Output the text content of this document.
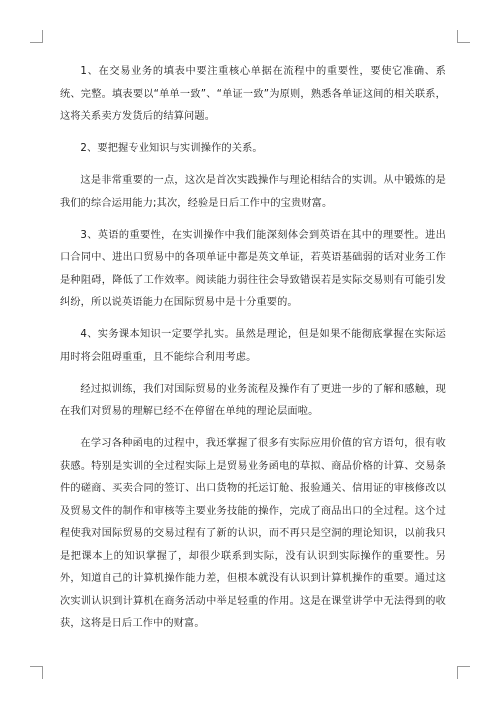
1、在交易业务的填表中要注重核心单据在流程中的重要性，要使它准确、系统、完整。填表要以“单单一致”、“单证一致”为原则，熟悉各单证这间的相关联系，这将关系卖方发货后的结算问题。

2、要把握专业知识与实训操作的关系。

这是非常重要的一点，这次是首次实践操作与理论相结合的实训。从中锻炼的是我们的综合运用能力;其次，经验是日后工作中的宝贵财富。

3、英语的重要性，在实训操作中我们能深刻体会到英语在其中的理要性。进出口合同中、进出口贸易中的各项单证中都是英文单证，若英语基础弱的话对业务工作是种阻碍，降低了工作效率。阅读能力弱往往会导致错误若是实际交易则有可能引发纠纷，所以说英语能力在国际贸易中是十分重要的。

4、实务课本知识一定要学扎实。虽然是理论，但是如果不能彻底掌握在实际运用时将会阻碍重重，且不能综合利用考虑。

经过拟训练，我们对国际贸易的业务流程及操作有了更进一步的了解和感触，现在我们对贸易的理解已经不在停留在单纯的理论层面啦。

在学习各种函电的过程中，我还掌握了很多有实际应用价值的官方语句，很有收获感。特别是实训的全过程实际上是贸易业务函电的草拟、商品价格的计算、交易条件的磋商、买卖合同的签订、出口货物的托运订舱、报验通关、信用证的审核修改以及贸易文件的制作和审核等主要业务技能的操作，完成了商品出口的全过程。这个过程使我对国际贸易的交易过程有了新的认识，而不再只是空洞的理论知识，以前我只是把课本上的知识掌握了，却很少联系到实际，没有认识到实际操作的重要性。另外，知道自己的计算机操作能力差，但根本就没有认识到计算机操作的重要。通过这次实训认识到计算机在商务活动中举足轻重的作用。这是在课堂讲学中无法得到的收获，这将是日后工作中的财富。
